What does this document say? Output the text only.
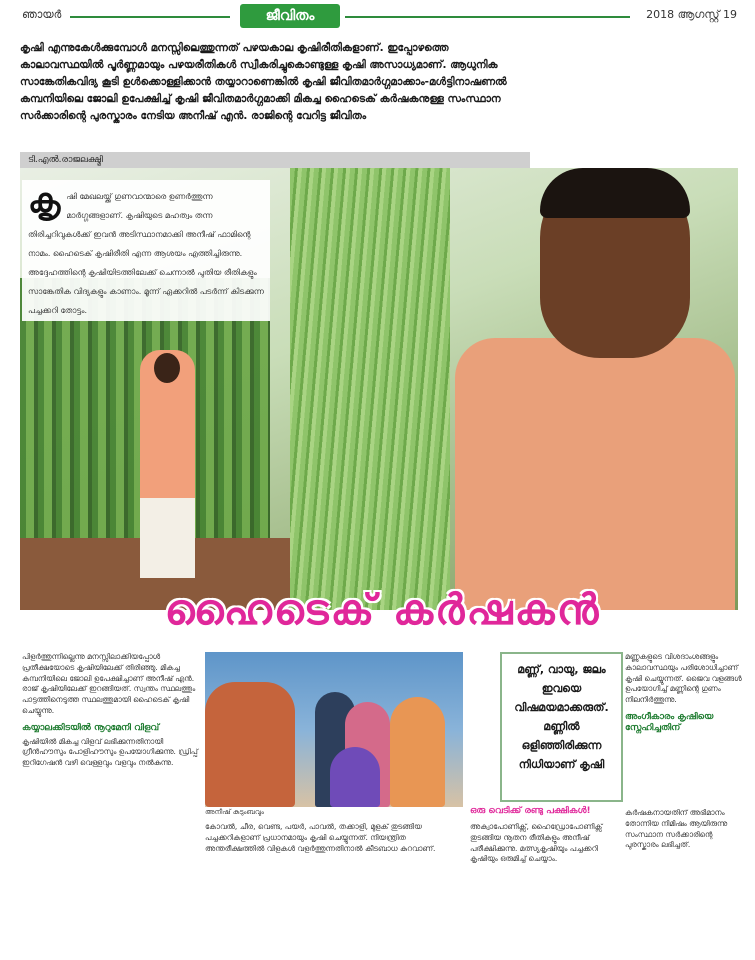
ഞായര്‍	ജീവിതം	2018 ആഗസ്റ്റ് 19
കൃഷി എന്നുകേള്‍ക്കുമ്പോള്‍ മനസ്സിലെത്തുന്നത് പഴയകാല കൃഷിരീതികളാണ്. ഇപ്പോഴത്തെ കാലാവസ്ഥയില്‍ പൂര്‍ണ്ണമായും പഴയരീതികള്‍ സ്വീകരിച്ചുകൊണ്ടുള്ള കൃഷി അസാധ്യമാണ്. ആധുനിക സാങ്കേതികവിദ്യ കൂടി ഉള്‍ക്കൊള്ളിക്കാന്‍ തയ്യാറാണെങ്കില്‍ കൃഷി ജീവിതമാര്‍ഗ്ഗമാക്കാം-മള്‍ട്ടിനാഷണല്‍ കമ്പനിയിലെ ജോലി ഉപേക്ഷിച്ച് കൃഷി ജീവിതമാര്‍ഗ്ഗമാക്കി മികച്ച ഹൈടെക് കര്‍ഷകനുള്ള സംസ്ഥാന സര്‍ക്കാരിന്റെ പുരസ്കാരം നേടിയ അനീഷ് എന്‍. രാജിന്റെ വേറിട്ട ജീവിതം
ടി.എല്‍.രാജലക്ഷ്മി
കൃ ഷി മേഖലയ്ക്ക് ഗുണവാന്മാരെ ഉണര്‍ത്തുന്ന മാര്‍ഗ്ഗങ്ങളാണ്. കൃഷിയുടെ മഹത്വം തന്ന തിരിച്ചറിവുകള്‍ക്ക് ഇവന്‍ അടിസ്ഥാനമാക്കി അനീഷ് ഫാമിന്റെ നാമം. ഹൈടെക് കൃഷിരീതി എന്ന ആശയം എത്തിച്ചിരുന്നു. അദ്ദേഹത്തിന്റെ കൃഷിയിടത്തിലേക്ക് ചെന്നാല്‍ പുതിയ രീതികളും സാങ്കേതിക വിദ്യകളും കാണാം. മൂന്ന് ഏക്കറില്‍ പടര്‍ന്ന് കിടക്കുന്ന പച്ചക്കറി തോട്ടം.
ഹൈടെക് കര്‍ഷകന്‍

പിളര്‍ത്തുന്നില്ലെന്നു മനസ്സിലാക്കിയപ്പോള്‍ പ്രതീക്ഷയോടെ കൃഷിയിലേക്ക് തിരിഞ്ഞു. മികച്ച കമ്പനിയിലെ ജോലി ഉപേക്ഷിച്ചാണ് അനീഷ് എന്‍. രാജ് കൃഷിയിലേക്ക് ഇറങ്ങിയത്. സ്വന്തം സ്ഥലത്തും പാട്ടത്തിനെടുത്ത സ്ഥലത്തുമായി ഹൈടെക് കൃഷി ചെയ്യുന്നു.

കയ്യാലക്കിടയില്‍ നൂറുമേനി വിളവ്

കൃഷിയില്‍ മികച്ച വിളവ് ലഭിക്കുന്നതിനായി ഗ്രീന്‍ഹൗസും പോളിഹൗസും ഉപയോഗിക്കുന്നു. ഡ്രിപ്പ് ഇറിഗേഷന്‍ വഴി വെള്ളവും വളവും നല്‍കുന്നു.

അനീഷ് കുടുംബവും

കോവല്‍, ചീര, വെണ്ട, പയര്‍, പാവല്‍, തക്കാളി, മുളക് തുടങ്ങിയ പച്ചക്കറികളാണ് പ്രധാനമായും കൃഷി ചെയ്യുന്നത്. നിയന്ത്രിത അന്തരീക്ഷത്തില്‍ വിളകള്‍ വളര്‍ത്തുന്നതിനാല്‍ കീടബാധ കുറവാണ്.

മണ്ണ്, വായു, ജലം ഇവയെ വിഷമയമാക്കരുത്. മണ്ണില്‍ ഒളിഞ്ഞിരിക്കുന്ന നിധിയാണ് കൃഷി

മണ്ണുകളുടെ വിശദാംശങ്ങളും കാലാവസ്ഥയും പരിശോധിച്ചാണ് കൃഷി ചെയ്യുന്നത്. ജൈവ വളങ്ങള്‍ ഉപയോഗിച്ച് മണ്ണിന്റെ ഗുണം നിലനിര്‍ത്തുന്നു.

അംഗീകാരം കൃഷിയെ സ്നേഹിച്ചതിന്

കര്‍ഷകനായതിന് അഭിമാനം തോന്നിയ നിമിഷം ആയിരുന്നു സംസ്ഥാന സര്‍ക്കാരിന്റെ പുരസ്കാരം ലഭിച്ചത്.

ഒരു വെടിക്ക് രണ്ടു പക്ഷികള്‍!

അക്വാപോണിക്സ്, ഹൈഡ്രോപോണിക്സ് തുടങ്ങിയ നൂതന രീതികളും അനീഷ് പരീക്ഷിക്കുന്നു. മത്സ്യകൃഷിയും പച്ചക്കറി കൃഷിയും ഒരുമിച്ച് ചെയ്യാം.
